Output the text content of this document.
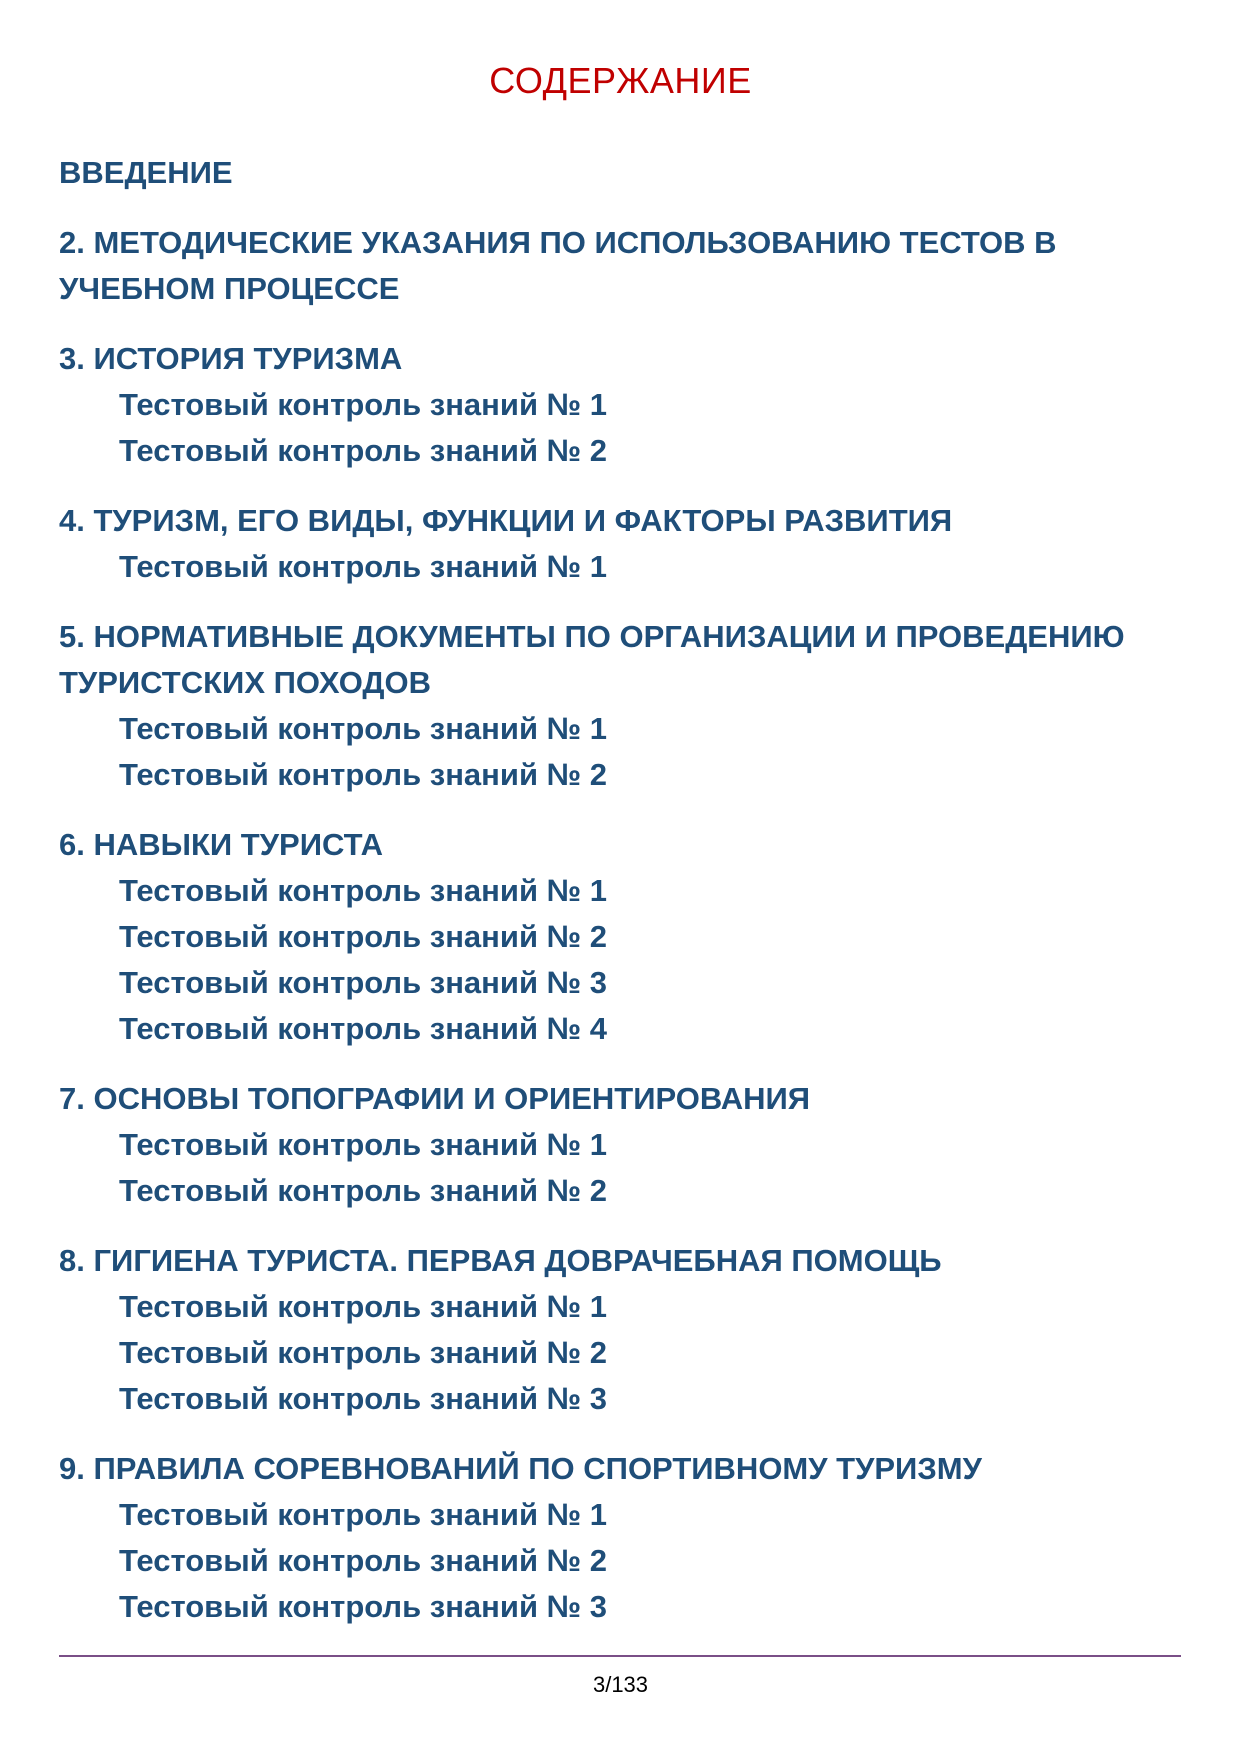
СОДЕРЖАНИЕ
ВВЕДЕНИЕ
2. МЕТОДИЧЕСКИЕ УКАЗАНИЯ ПО ИСПОЛЬЗОВАНИЮ ТЕСТОВ В УЧЕБНОМ ПРОЦЕССЕ
3. ИСТОРИЯ ТУРИЗМА
Тестовый контроль знаний № 1
Тестовый контроль знаний № 2
4. ТУРИЗМ, ЕГО ВИДЫ, ФУНКЦИИ И ФАКТОРЫ РАЗВИТИЯ
Тестовый контроль знаний № 1
5. НОРМАТИВНЫЕ ДОКУМЕНТЫ ПО ОРГАНИЗАЦИИ И ПРОВЕДЕНИЮ ТУРИСТСКИХ ПОХОДОВ
Тестовый контроль знаний № 1
Тестовый контроль знаний № 2
6. НАВЫКИ ТУРИСТА
Тестовый контроль знаний № 1
Тестовый контроль знаний № 2
Тестовый контроль знаний № 3
Тестовый контроль знаний № 4
7. ОСНОВЫ ТОПОГРАФИИ И ОРИЕНТИРОВАНИЯ
Тестовый контроль знаний № 1
Тестовый контроль знаний № 2
8. ГИГИЕНА ТУРИСТА. ПЕРВАЯ ДОВРАЧЕБНАЯ ПОМОЩЬ
Тестовый контроль знаний № 1
Тестовый контроль знаний № 2
Тестовый контроль знаний № 3
9. ПРАВИЛА СОРЕВНОВАНИЙ ПО СПОРТИВНОМУ ТУРИЗМУ
Тестовый контроль знаний № 1
Тестовый контроль знаний № 2
Тестовый контроль знаний № 3
3/133
